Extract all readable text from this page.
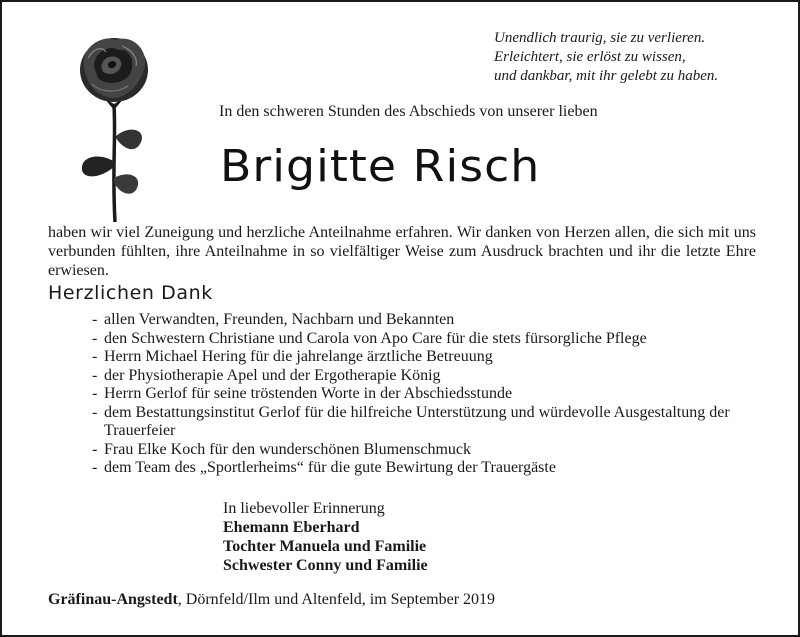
Unendlich traurig, sie zu verlieren.
Erleichtert, sie erlöst zu wissen,
und dankbar, mit ihr gelebt zu haben.
In den schweren Stunden des Abschieds von unserer lieben
Brigitte Risch
haben wir viel Zuneigung und herzliche Anteilnahme erfahren. Wir danken von Herzen allen, die sich mit uns verbunden fühlten, ihre Anteilnahme in so vielfältiger Weise zum Ausdruck brachten und ihr die letzte Ehre erwiesen.
Herzlichen Dank
- allen Verwandten, Freunden, Nachbarn und Bekannten
- den Schwestern Christiane und Carola von Apo Care für die stets fürsorgliche Pflege
- Herrn Michael Hering für die jahrelange ärztliche Betreuung
- der Physiotherapie Apel und der Ergotherapie König
- Herrn Gerlof für seine tröstenden Worte in der Abschiedsstunde
- dem Bestattungsinstitut Gerlof für die hilfreiche Unterstützung und würdevolle Ausgestaltung der Trauerfeier
- Frau Elke Koch für den wunderschönen Blumenschmuck
- dem Team des „Sportlerheims“ für die gute Bewirtung der Trauergäste
In liebevoller Erinnerung
Ehemann Eberhard
Tochter Manuela und Familie
Schwester Conny und Familie
Gräfinau-Angstedt, Dörnfeld/Ilm und Altenfeld, im September 2019
